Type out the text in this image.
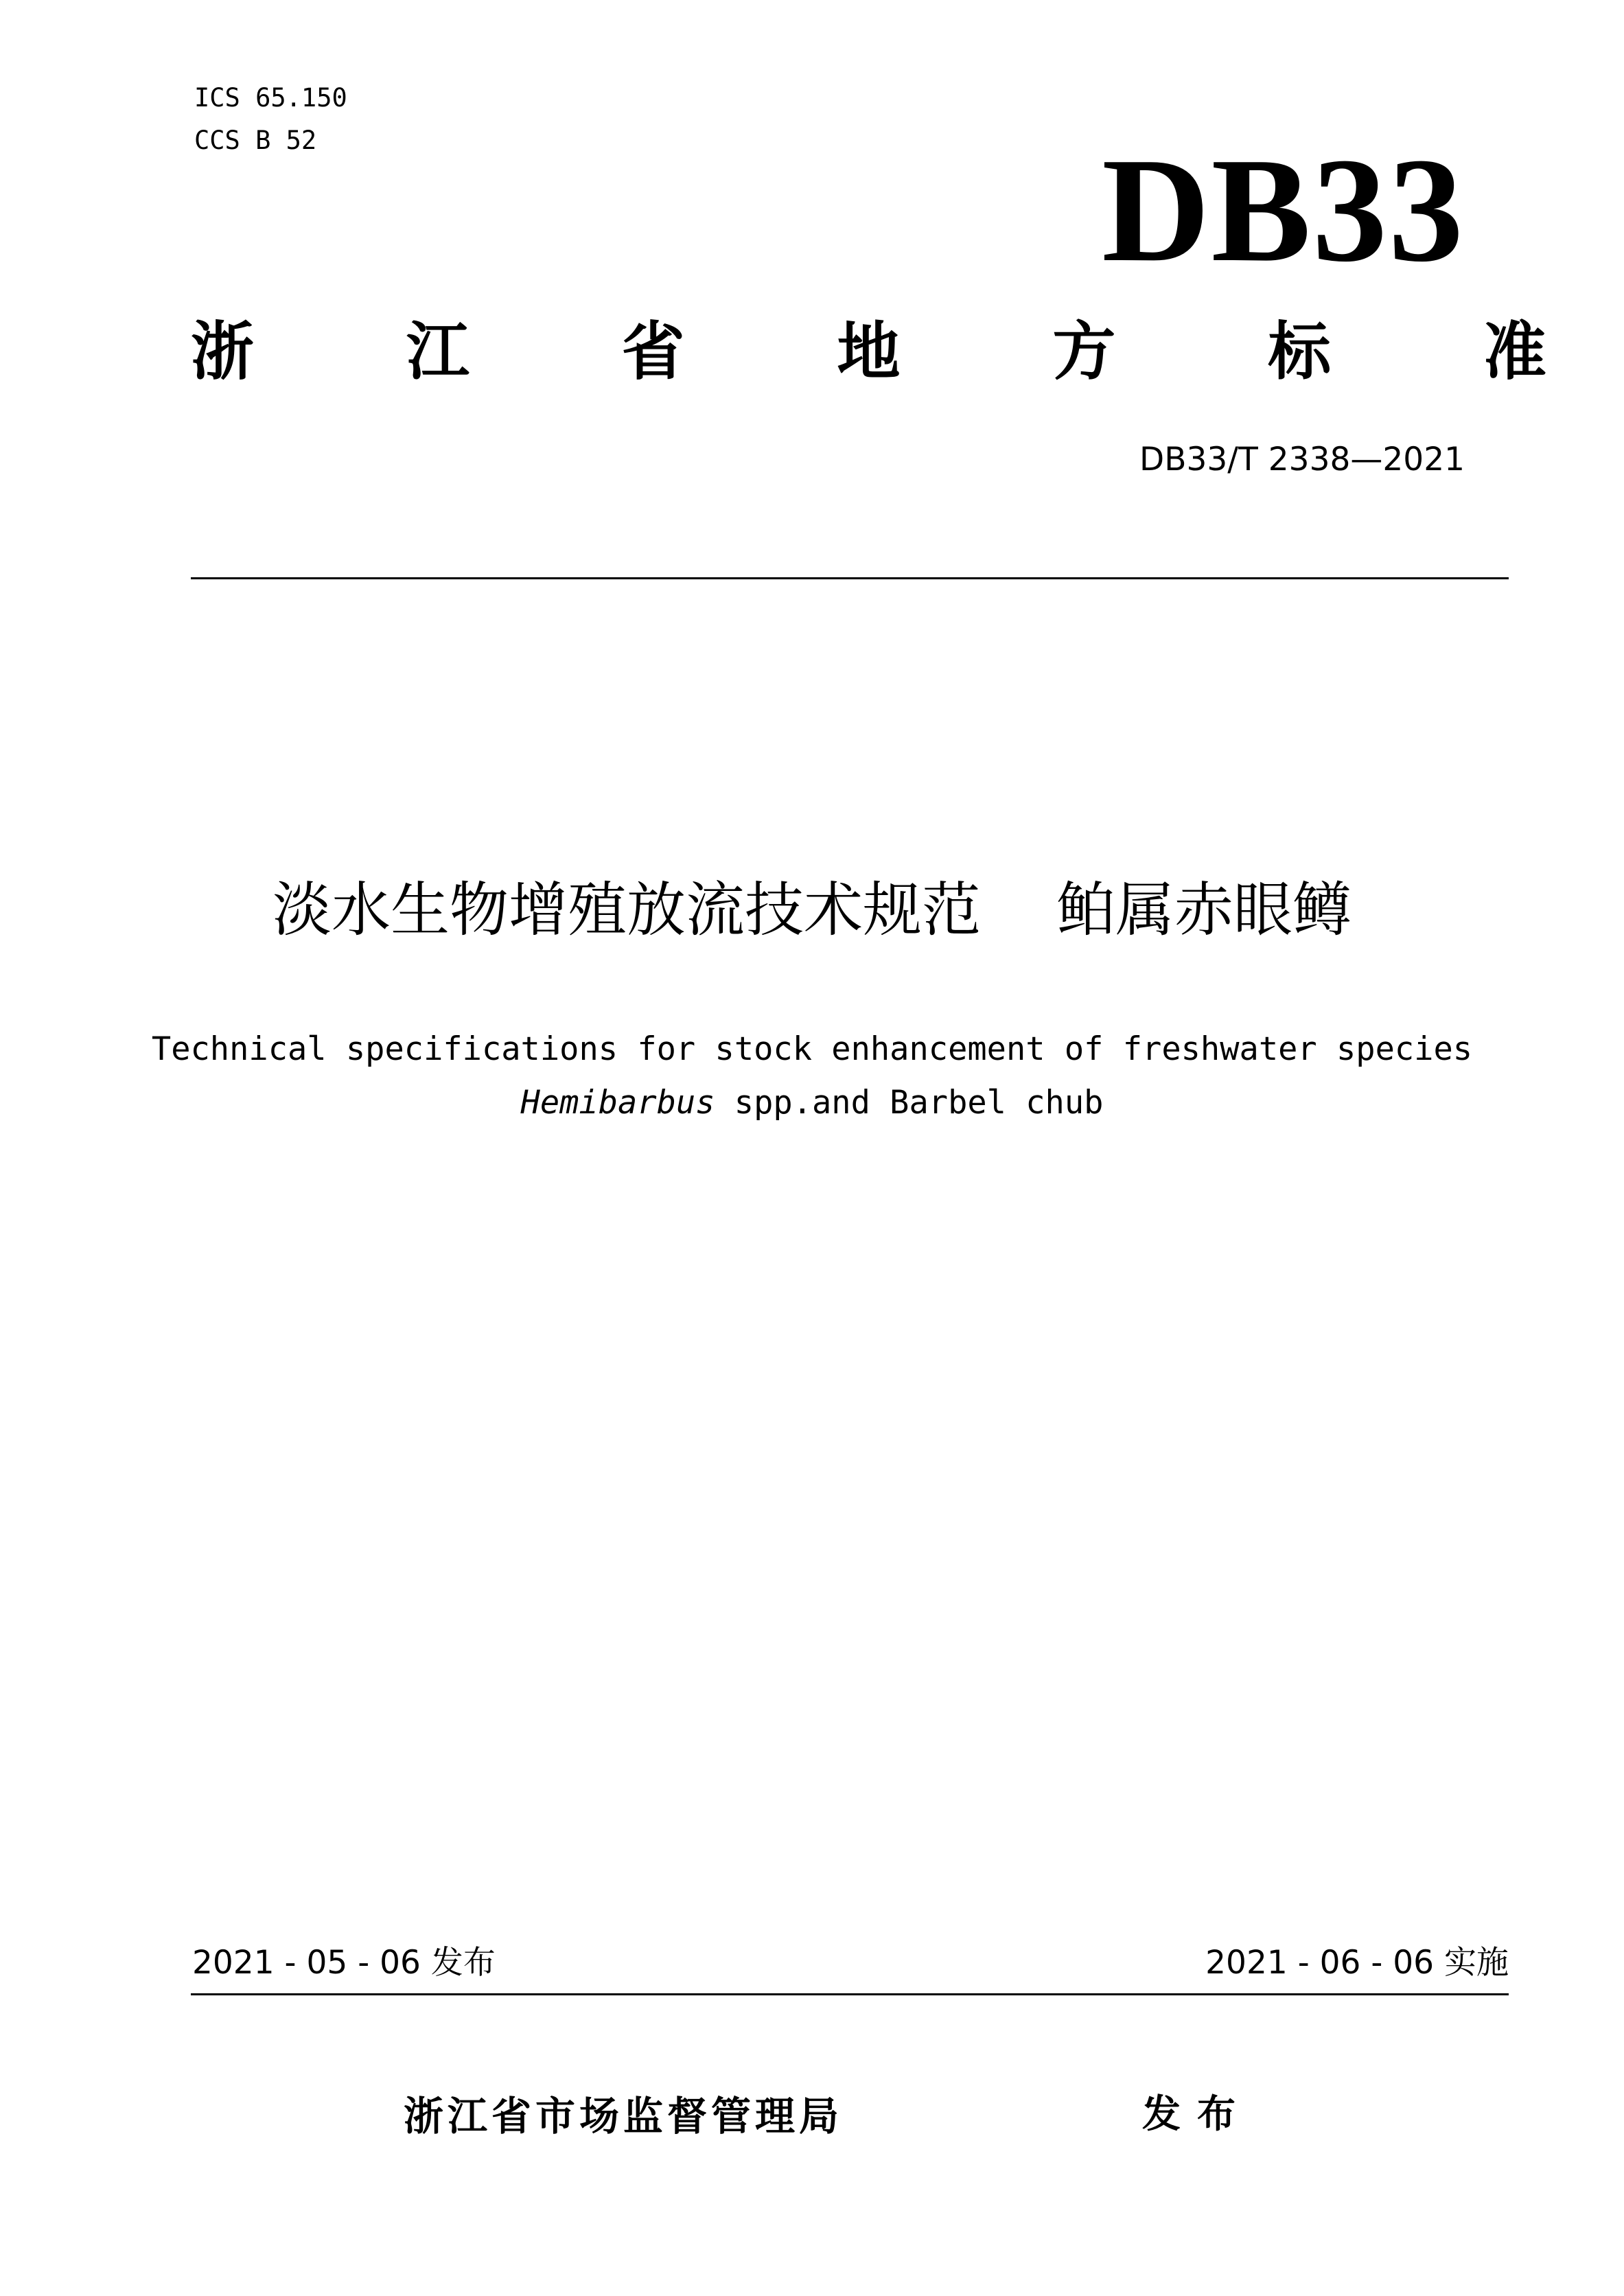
ICS 65.150
CCS B 52	DB33
浙 江 省 地 方 标 准
DB33/T 2338—2021
淡水生物增殖放流技术规范 鲌属赤眼鳟
Technical specifications for stock enhancement of freshwater species
Hemibarbus spp.and Barbel chub
2021 - 05 - 06 发布	2021 - 06 - 06 实施
浙江省市场监督管理局	发布
